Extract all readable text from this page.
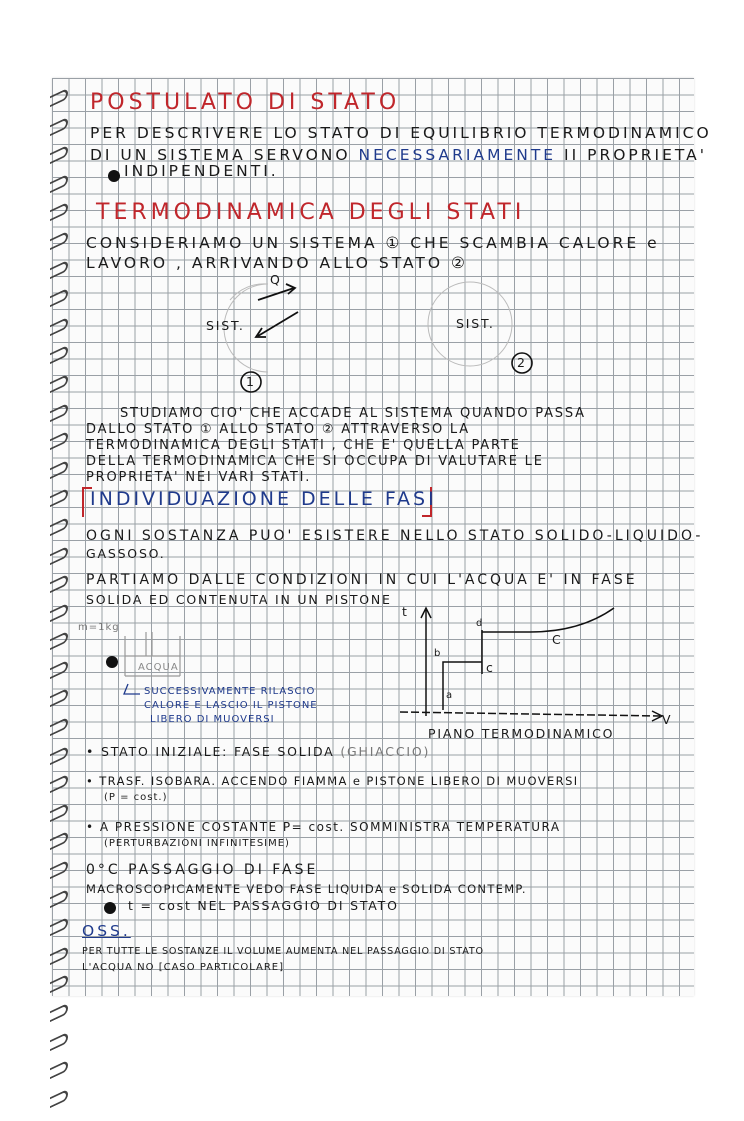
POSTULATO DI STATO
PER DESCRIVERE LO STATO DI EQUILIBRIO TERMODINAMICO
DI UN SISTEMA SERVONO NECESSARIAMENTE II PROPRIETA'
INDIPENDENTI.
TERMODINAMICA DEGLI STATI
CONSIDERIAMO UN SISTEMA ① CHE SCAMBIA CALORE e
LAVORO , ARRIVANDO ALLO STATO ②
Q
SIST.	SIST.
1
2
STUDIAMO CIO' CHE ACCADE AL SISTEMA QUANDO PASSA
DALLO STATO ① ALLO STATO ② ATTRAVERSO LA
TERMODINAMICA DEGLI STATI , CHE E' QUELLA PARTE
DELLA TERMODINAMICA CHE SI OCCUPA DI VALUTARE LE
PROPRIETA' NEI VARI STATI.
INDIVIDUAZIONE DELLE FASI
OGNI SOSTANZA PUO' ESISTERE NELLO STATO SOLIDO-LIQUIDO-
GASSOSO.
PARTIAMO DALLE CONDIZIONI IN CUI L'ACQUA E' IN FASE
SOLIDA ED CONTENUTA IN UN PISTONE
m=1kg
ACQUA
SUCCESSIVAMENTE RILASCIO
CALORE E LASCIO IL PISTONE
LIBERO DI MUOVERSI
t
V
a
b
c
d
C
PIANO TERMODINAMICO
• STATO INIZIALE: FASE SOLIDA (GHIACCIO)
• TRASF. ISOBARA. ACCENDO FIAMMA e PISTONE LIBERO DI MUOVERSI
(P = cost.)
• A PRESSIONE COSTANTE P= cost. SOMMINISTRA TEMPERATURA
(PERTURBAZIONI INFINITESIME)
0°C PASSAGGIO DI FASE
MACROSCOPICAMENTE VEDO FASE LIQUIDA e SOLIDA CONTEMP.
t = cost NEL PASSAGGIO DI STATO
OSS.
PER TUTTE LE SOSTANZE IL VOLUME AUMENTA NEL PASSAGGIO DI STATO
L'ACQUA NO [CASO PARTICOLARE]
